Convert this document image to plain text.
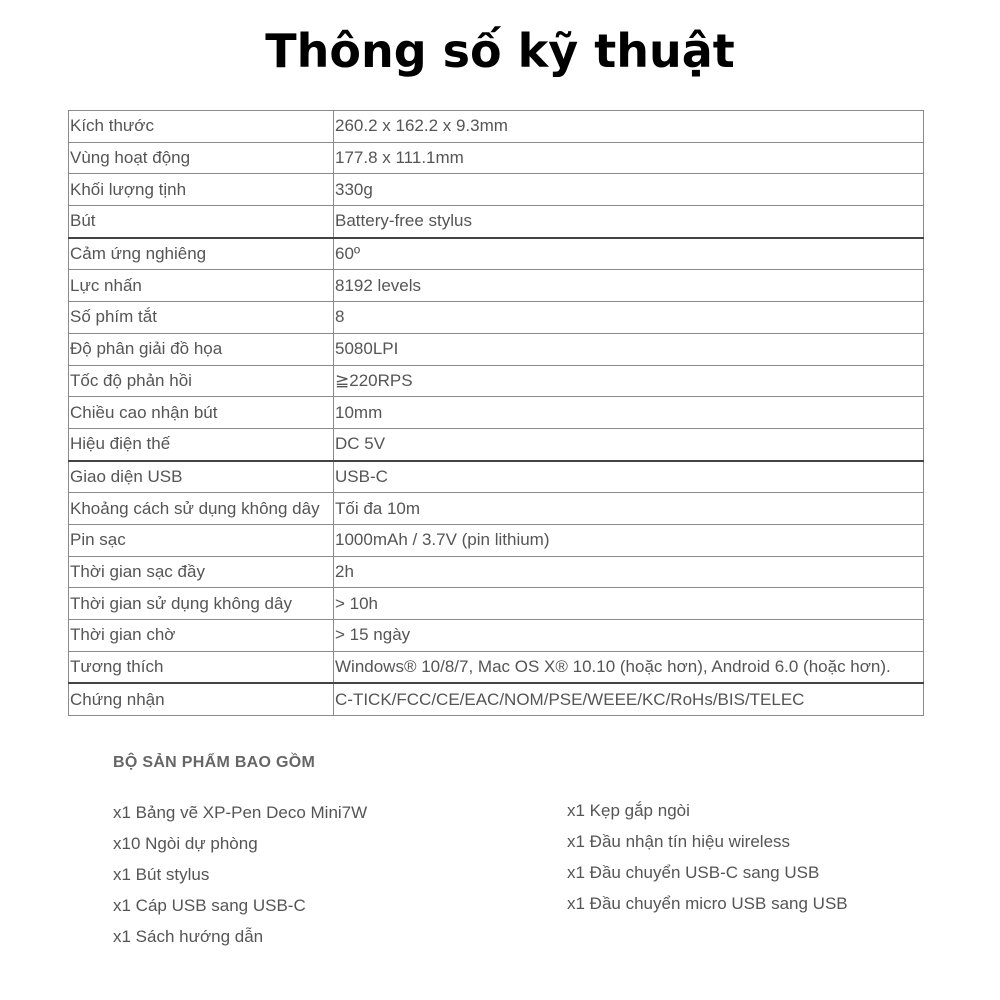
Thông số kỹ thuật
Kích thước	260.2 x 162.2 x 9.3mm
Vùng hoạt động	177.8 x 111.1mm
Khối lượng tịnh	330g
Bút	Battery-free stylus
Cảm ứng nghiêng	60º
Lực nhấn	8192 levels
Số phím tắt	8
Độ phân giải đồ họa	5080LPI
Tốc độ phản hồi	≧220RPS
Chiều cao nhận bút	10mm
Hiệu điện thế	DC 5V
Giao diện USB	USB-C
Khoảng cách sử dụng không dây	Tối đa 10m
Pin sạc	1000mAh / 3.7V (pin lithium)
Thời gian sạc đầy	2h
Thời gian sử dụng không dây	> 10h
Thời gian chờ	> 15 ngày
Tương thích	Windows® 10/8/7, Mac OS X® 10.10 (hoặc hơn), Android 6.0 (hoặc hơn).
Chứng nhận	C-TICK/FCC/CE/EAC/NOM/PSE/WEEE/KC/RoHs/BIS/TELEC
BỘ SẢN PHẨM BAO GỒM
x1 Bảng vẽ XP-Pen Deco Mini7W
x10 Ngòi dự phòng
x1 Bút stylus
x1 Cáp USB sang USB-C
x1 Sách hướng dẫn
x1 Kẹp gắp ngòi
x1 Đầu nhận tín hiệu wireless
x1 Đầu chuyển USB-C sang USB
x1 Đầu chuyển micro USB sang USB
